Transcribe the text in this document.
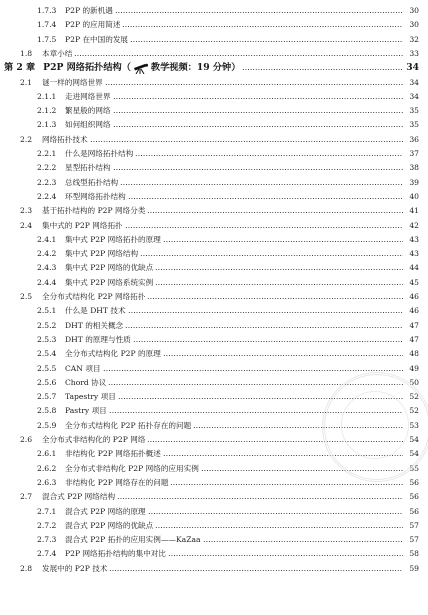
1.7.3	P2P 的新机遇	30
1.7.4	P2P 的应用简述	30
1.7.5	P2P 在中国的发展	32
1.8	本章小结	33
第 2 章 P2P 网络拓扑结构（ 教学视频：19 分钟 ）	34
2.1	谜一样的网络世界	34
2.1.1	走进网络世界	34
2.1.2	繁星般的网络	35
2.1.3	如何组织网络	35
2.2	网络拓扑技术	36
2.2.1	什么是网络拓扑结构	37
2.2.2	星型拓扑结构	38
2.2.3	总线型拓扑结构	39
2.2.4	环型网络拓扑结构	40
2.3	基于拓扑结构的 P2P 网络分类	41
2.4	集中式的 P2P 网络拓扑	42
2.4.1	集中式 P2P 网络拓扑的原理	43
2.4.2	集中式 P2P 网络结构	43
2.4.3	集中式 P2P 网络的优缺点	44
2.4.4	集中式 P2P 网络系统实例	45
2.5	全分布式结构化 P2P 网络拓扑	46
2.5.1	什么是 DHT 技术	46
2.5.2	DHT 的相关概念	47
2.5.3	DHT 的原理与性质	47
2.5.4	全分布式结构化 P2P 的原理	48
2.5.5	CAN 项目	49
2.5.6	Chord 协议	50
2.5.7	Tapestry 项目	52
2.5.8	Pastry 项目	52
2.5.9	全分布式结构化 P2P 拓扑存在的问题	53
2.6	全分布式非结构化的 P2P 网络	54
2.6.1	非结构化 P2P 网络拓扑概述	54
2.6.2	全分布式非结构化 P2P 网络的应用实例	55
2.6.3	非结构化 P2P 网络存在的问题	56
2.7	混合式 P2P 网络结构	56
2.7.1	混合式 P2P 网络的原理	56
2.7.2	混合式 P2P 网络的优缺点	57
2.7.3	混合式 P2P 拓扑的应用实例——KaZaa	57
2.7.4	P2P 网络拓扑结构的集中对比	58
2.8	发展中的 P2P 技术	59
